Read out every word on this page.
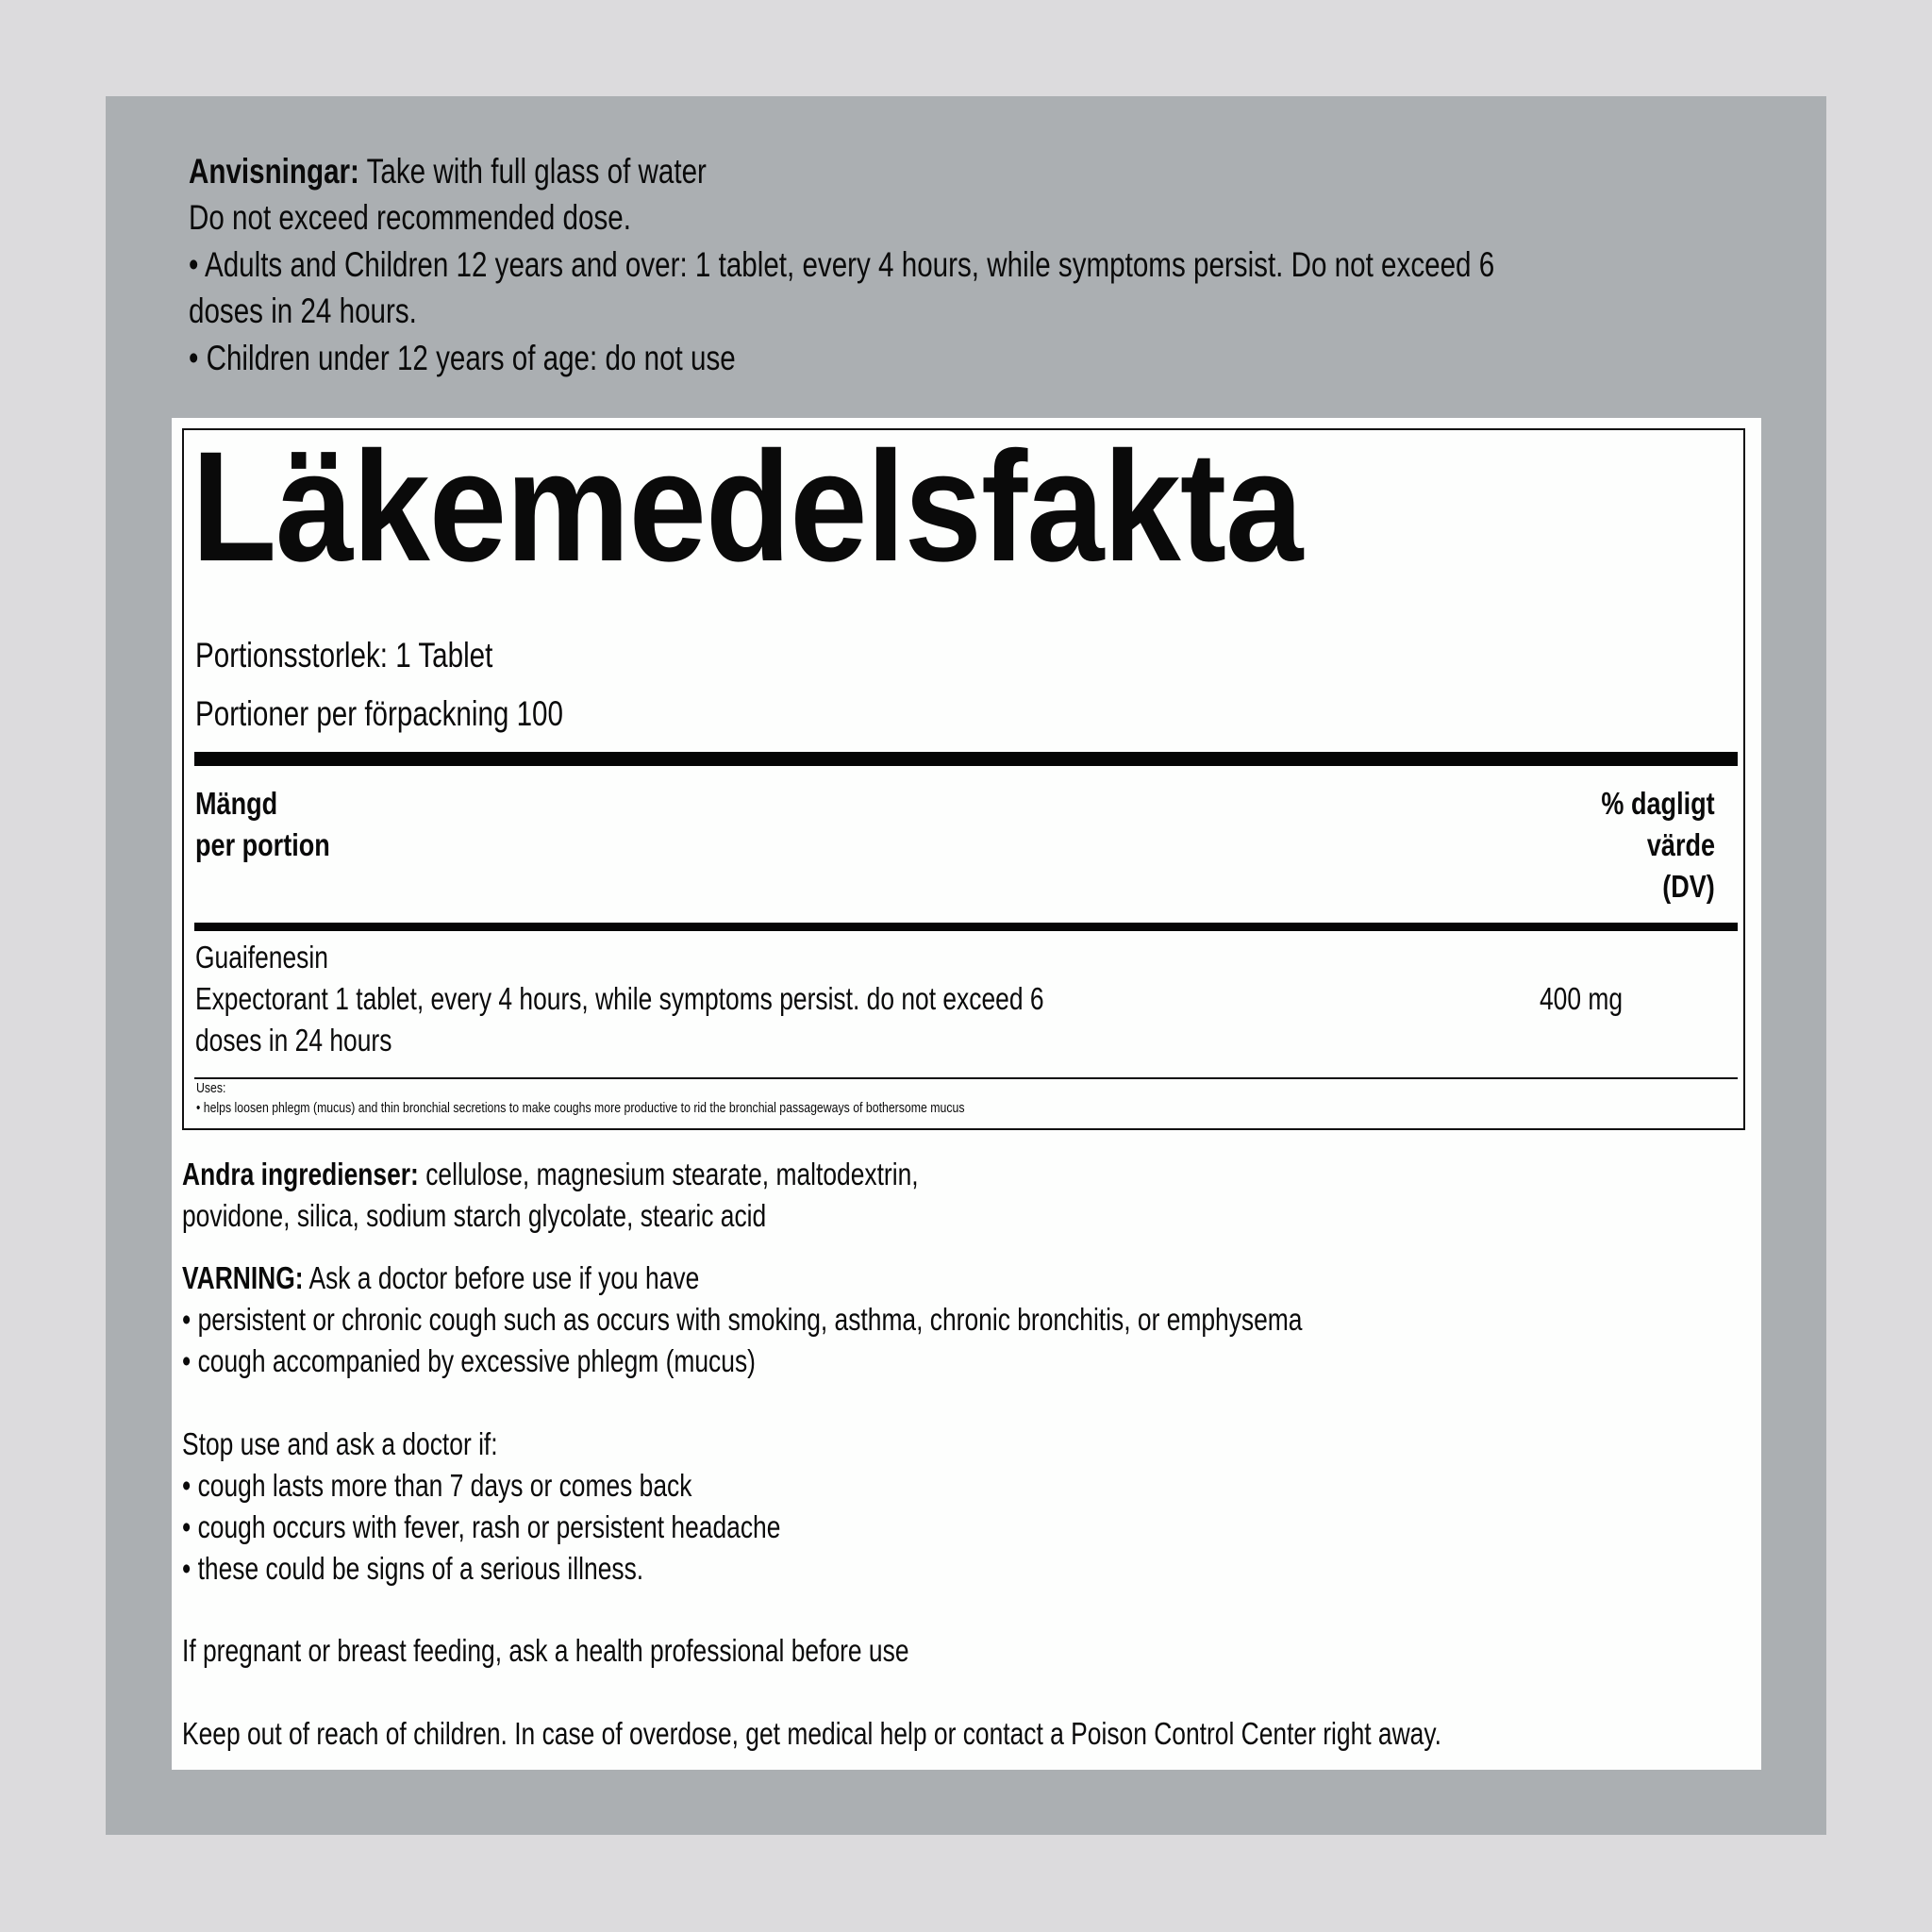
Anvisningar: Take with full glass of water
Do not exceed recommended dose.
• Adults and Children 12 years and over: 1 tablet, every 4 hours, while symptoms persist. Do not exceed 6
doses in 24 hours.
• Children under 12 years of age: do not use
Läkemedelsfakta
Portionsstorlek: 1 Tablet
Portioner per förpackning 100
Mängd
per portion
% dagligt
värde
(DV)
Guaifenesin
Expectorant 1 tablet, every 4 hours, while symptoms persist. do not exceed 6
doses in 24 hours
400 mg
Uses:
• helps loosen phlegm (mucus) and thin bronchial secretions to make coughs more productive to rid the bronchial passageways of bothersome mucus
Andra ingredienser: cellulose, magnesium stearate, maltodextrin,
povidone, silica, sodium starch glycolate, stearic acid
VARNING: Ask a doctor before use if you have
• persistent or chronic cough such as occurs with smoking, asthma, chronic bronchitis, or emphysema
• cough accompanied by excessive phlegm (mucus)
Stop use and ask a doctor if:
• cough lasts more than 7 days or comes back
• cough occurs with fever, rash or persistent headache
• these could be signs of a serious illness.
If pregnant or breast feeding, ask a health professional before use
Keep out of reach of children. In case of overdose, get medical help or contact a Poison Control Center right away.
